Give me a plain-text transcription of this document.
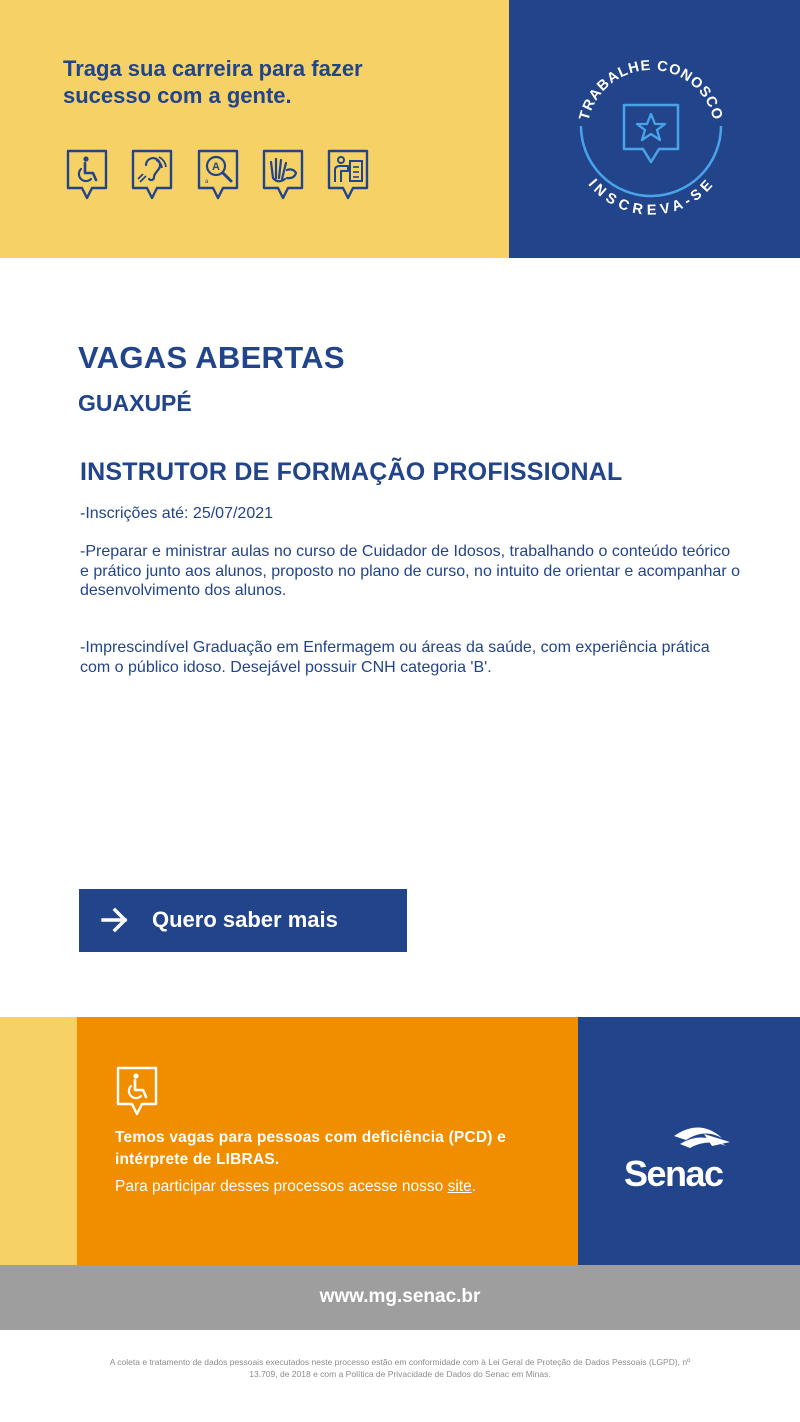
Traga sua carreira para fazer
sucesso com a gente.
A
a
TRABALHE CONOSCO
INSCREVA-SE
VAGAS ABERTAS
GUAXUPÉ
INSTRUTOR DE FORMAÇÃO PROFISSIONAL

-Inscrições até: 25/07/2021

-Preparar e ministrar aulas no curso de Cuidador de Idosos, trabalhando o conteúdo teórico e prático junto aos alunos, proposto no plano de curso, no intuito de orientar e acompanhar o desenvolvimento dos alunos.

-Imprescindível Graduação em Enfermagem ou áreas da saúde, com experiência prática com o público idoso. Desejável possuir CNH categoria 'B'.

Quero saber mais

Temos vagas para pessoas com deficiência (PCD) e intérprete de LIBRAS.

Para participar desses processos acesse nosso site.	Senac
www.mg.senac.br

A coleta e tratamento de dados pessoais executados neste processo estão em conformidade com à Lei Geral de Proteção de Dados Pessoais (LGPD), nº 13.709, de 2018 e com a Política de Privacidade de Dados do Senac em Minas.
